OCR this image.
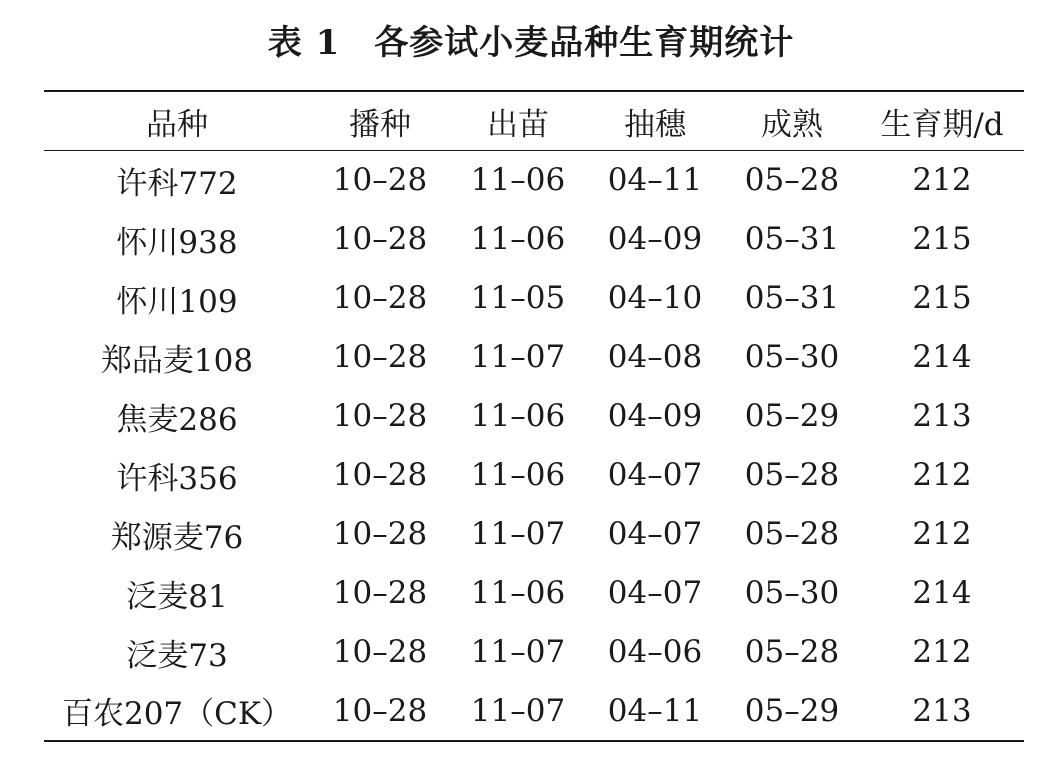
表 1 各参试小麦品种生育期统计
品种	播种	出苗	抽穗	成熟	生育期/d
许科772	10–28	11–06	04–11	05–28	212
怀川938	10–28	11–06	04–09	05–31	215
怀川109	10–28	11–05	04–10	05–31	215
郑品麦108	10–28	11–07	04–08	05–30	214
焦麦286	10–28	11–06	04–09	05–29	213
许科356	10–28	11–06	04–07	05–28	212
郑源麦76	10–28	11–07	04–07	05–28	212
泛麦81	10–28	11–06	04–07	05–30	214
泛麦73	10–28	11–07	04–06	05–28	212
百农207（CK）	10–28	11–07	04–11	05–29	213
